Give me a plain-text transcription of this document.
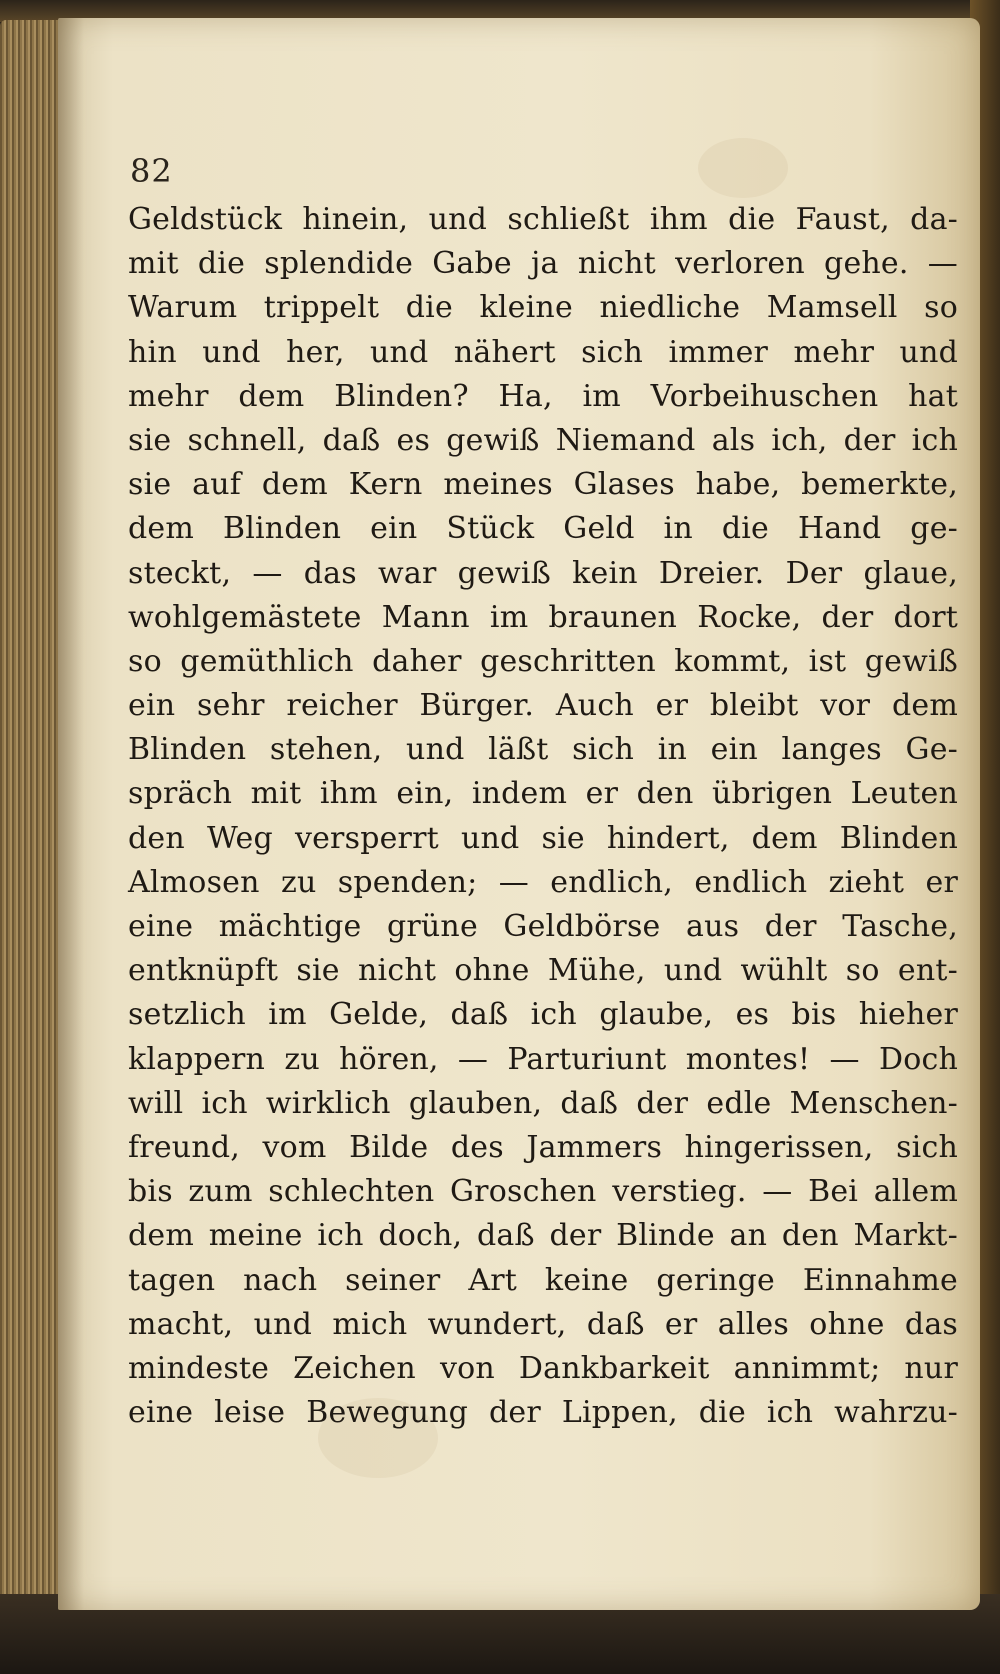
82
Geldstück hinein, und schließt ihm die Faust, da-
mit die splendide Gabe ja nicht verloren gehe. —
Warum trippelt die kleine niedliche Mamsell so
hin und her, und nähert sich immer mehr und
mehr dem Blinden? Ha, im Vorbeihuschen hat
sie schnell, daß es gewiß Niemand als ich, der ich
sie auf dem Kern meines Glases habe, bemerkte,
dem Blinden ein Stück Geld in die Hand ge-
steckt, — das war gewiß kein Dreier. Der glaue,
wohlgemästete Mann im braunen Rocke, der dort
so gemüthlich daher geschritten kommt, ist gewiß
ein sehr reicher Bürger. Auch er bleibt vor dem
Blinden stehen, und läßt sich in ein langes Ge-
spräch mit ihm ein, indem er den übrigen Leuten
den Weg versperrt und sie hindert, dem Blinden
Almosen zu spenden; — endlich, endlich zieht er
eine mächtige grüne Geldbörse aus der Tasche,
entknüpft sie nicht ohne Mühe, und wühlt so ent-
setzlich im Gelde, daß ich glaube, es bis hieher
klappern zu hören, — Parturiunt montes! — Doch
will ich wirklich glauben, daß der edle Menschen-
freund, vom Bilde des Jammers hingerissen, sich
bis zum schlechten Groschen verstieg. — Bei allem
dem meine ich doch, daß der Blinde an den Markt-
tagen nach seiner Art keine geringe Einnahme
macht, und mich wundert, daß er alles ohne das
mindeste Zeichen von Dankbarkeit annimmt; nur
eine leise Bewegung der Lippen, die ich wahrzu-
